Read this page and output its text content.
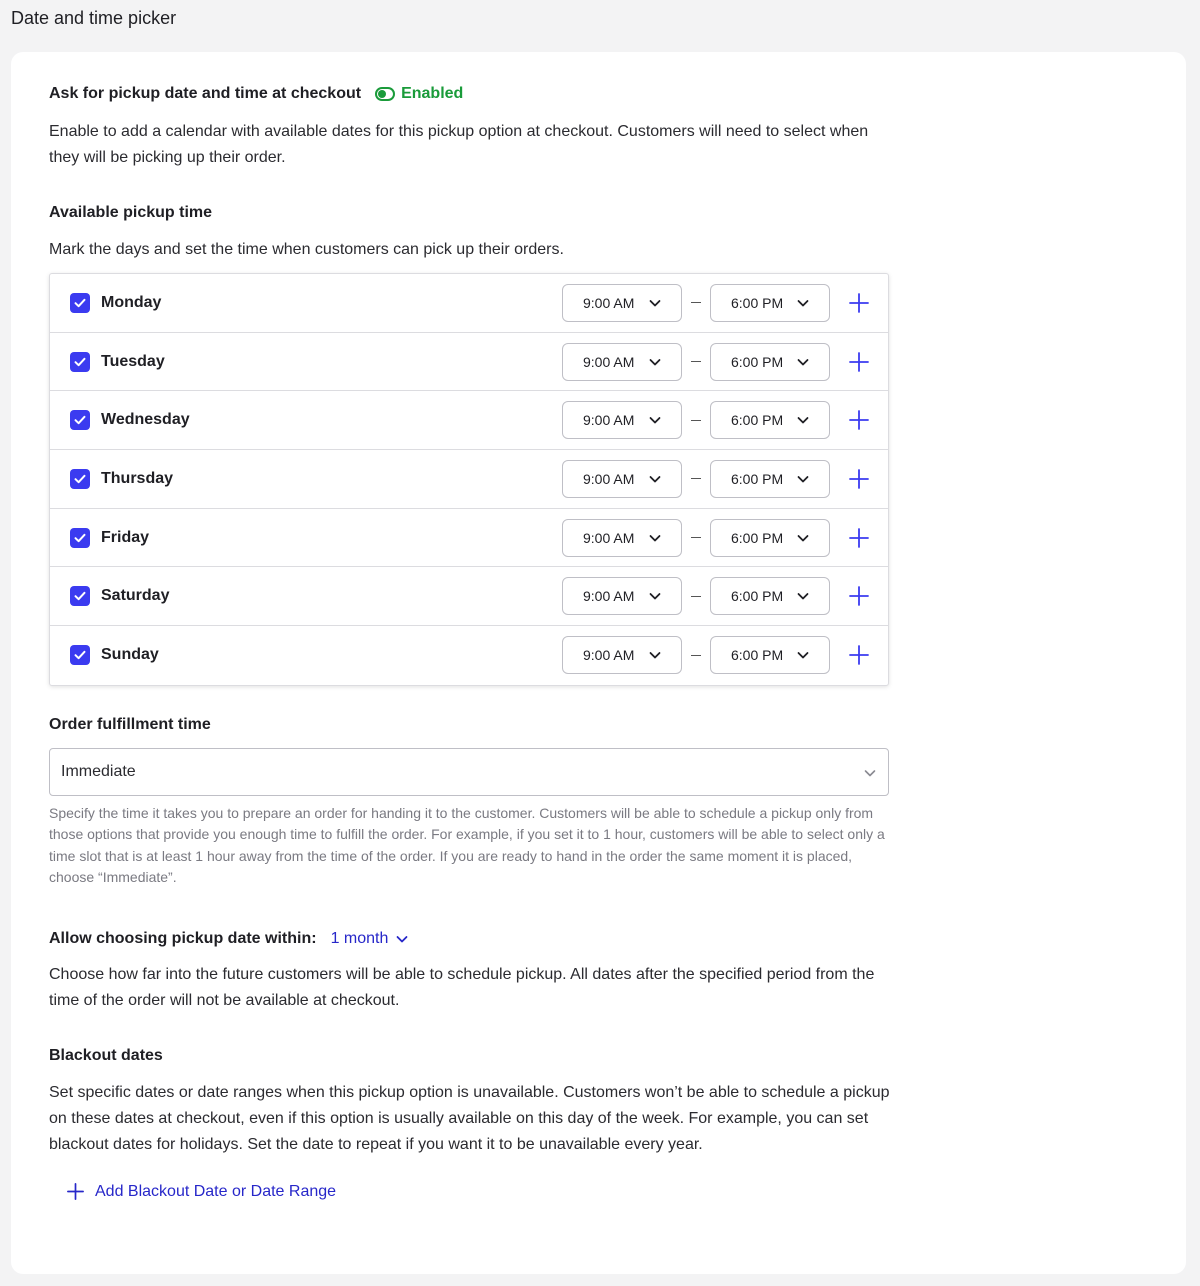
Date and time picker
Ask for pickup date and time at checkout	Enabled
Enable to add a calendar with available dates for this pickup option at checkout. Customers will need to select when they will be picking up their order.
Available pickup time
Mark the days and set the time when customers can pick up their orders.
Monday	9:00 AM	6:00 PM
Tuesday	9:00 AM	6:00 PM
Wednesday	9:00 AM	6:00 PM
Thursday	9:00 AM	6:00 PM
Friday	9:00 AM	6:00 PM
Saturday	9:00 AM	6:00 PM
Sunday	9:00 AM	6:00 PM
Order fulfillment time
Immediate
Specify the time it takes you to prepare an order for handing it to the customer. Customers will be able to schedule a pickup only from those options that provide you enough time to fulfill the order. For example, if you set it to 1 hour, customers will be able to select only a time slot that is at least 1 hour away from the time of the order. If you are ready to hand in the order the same moment it is placed, choose “Immediate”.
Allow choosing pickup date within: 1 month
Choose how far into the future customers will be able to schedule pickup. All dates after the specified period from the time of the order will not be available at checkout.
Blackout dates
Set specific dates or date ranges when this pickup option is unavailable. Customers won’t be able to schedule a pickup on these dates at checkout, even if this option is usually available on this day of the week. For example, you can set blackout dates for holidays. Set the date to repeat if you want it to be unavailable every year.
Add Blackout Date or Date Range
